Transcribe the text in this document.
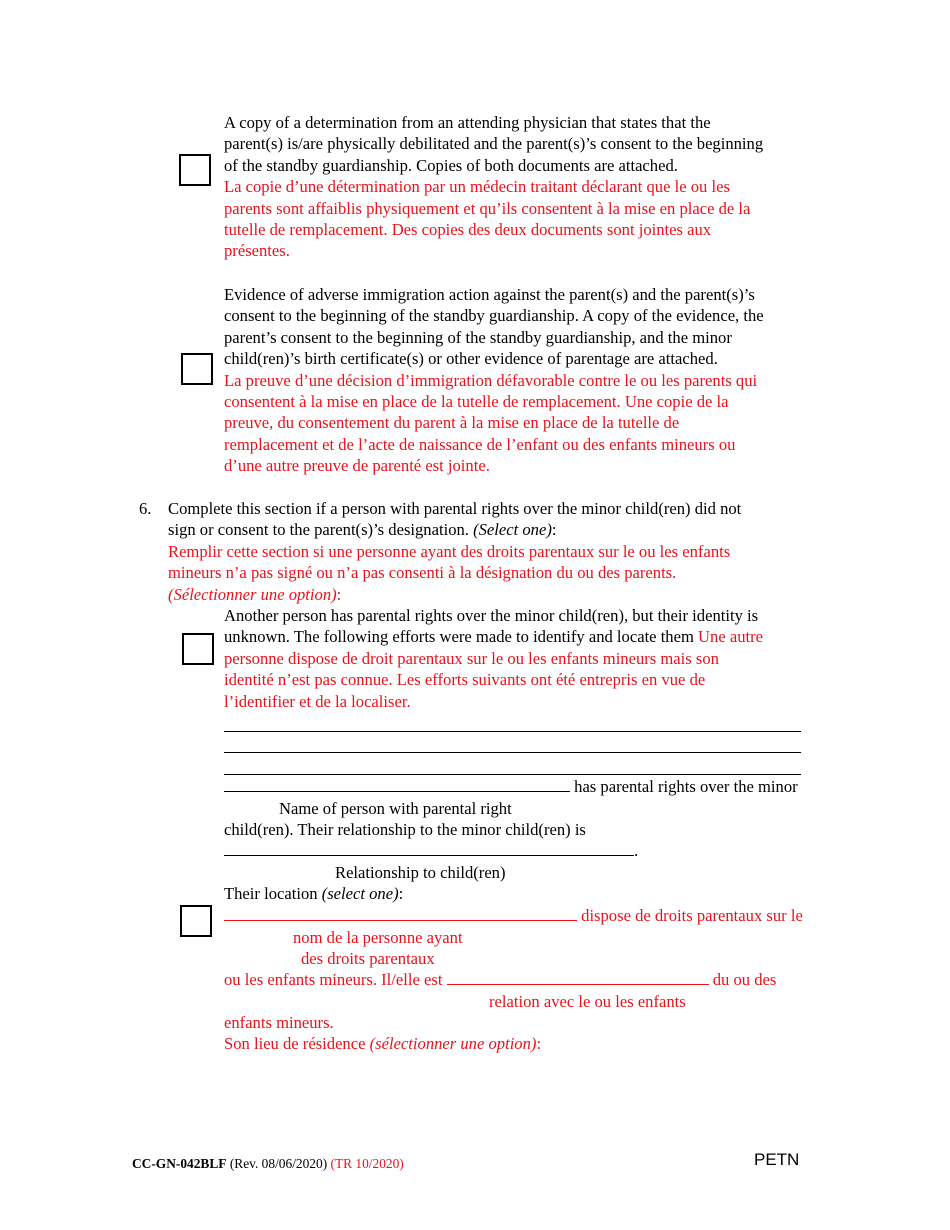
A copy of a determination from an attending physician that states that the
parent(s) is/are physically debilitated and the parent(s)’s consent to the beginning
of the standby guardianship. Copies of both documents are attached.
La copie d’une détermination par un médecin traitant déclarant que le ou les
parents sont affaiblis physiquement et qu’ils consentent à la mise en place de la
tutelle de remplacement. Des copies des deux documents sont jointes aux
présentes.
Evidence of adverse immigration action against the parent(s) and the parent(s)’s
consent to the beginning of the standby guardianship. A copy of the evidence, the
parent’s consent to the beginning of the standby guardianship, and the minor
child(ren)’s birth certificate(s) or other evidence of parentage are attached.
La preuve d’une décision d’immigration défavorable contre le ou les parents qui
consentent à la mise en place de la tutelle de remplacement. Une copie de la
preuve, du consentement du parent à la mise en place de la tutelle de
remplacement et de l’acte de naissance de l’enfant ou des enfants mineurs ou
d’une autre preuve de parenté est jointe.
6. Complete this section if a person with parental rights over the minor child(ren) did not
sign or consent to the parent(s)’s designation. (Select one):
Remplir cette section si une personne ayant des droits parentaux sur le ou les enfants
mineurs n’a pas signé ou n’a pas consenti à la désignation du ou des parents.
(Sélectionner une option):
Another person has parental rights over the minor child(ren), but their identity is
unknown. The following efforts were made to identify and locate them Une autre
personne dispose de droit parentaux sur le ou les enfants mineurs mais son
identité n’est pas connue. Les efforts suivants ont été entrepris en vue de
l’identifier et de la localiser.
has parental rights over the minor
Name of person with parental right
child(ren). Their relationship to the minor child(ren) is
.
Relationship to child(ren)
Their location (select one):
dispose de droits parentaux sur le
nom de la personne ayant
des droits parentaux
ou les enfants mineurs. Il/elle est	du ou des
relation avec le ou les enfants
enfants mineurs.
Son lieu de résidence (sélectionner une option):
CC-GN-042BLF (Rev. 08/06/2020) (TR 10/2020)	PETN
